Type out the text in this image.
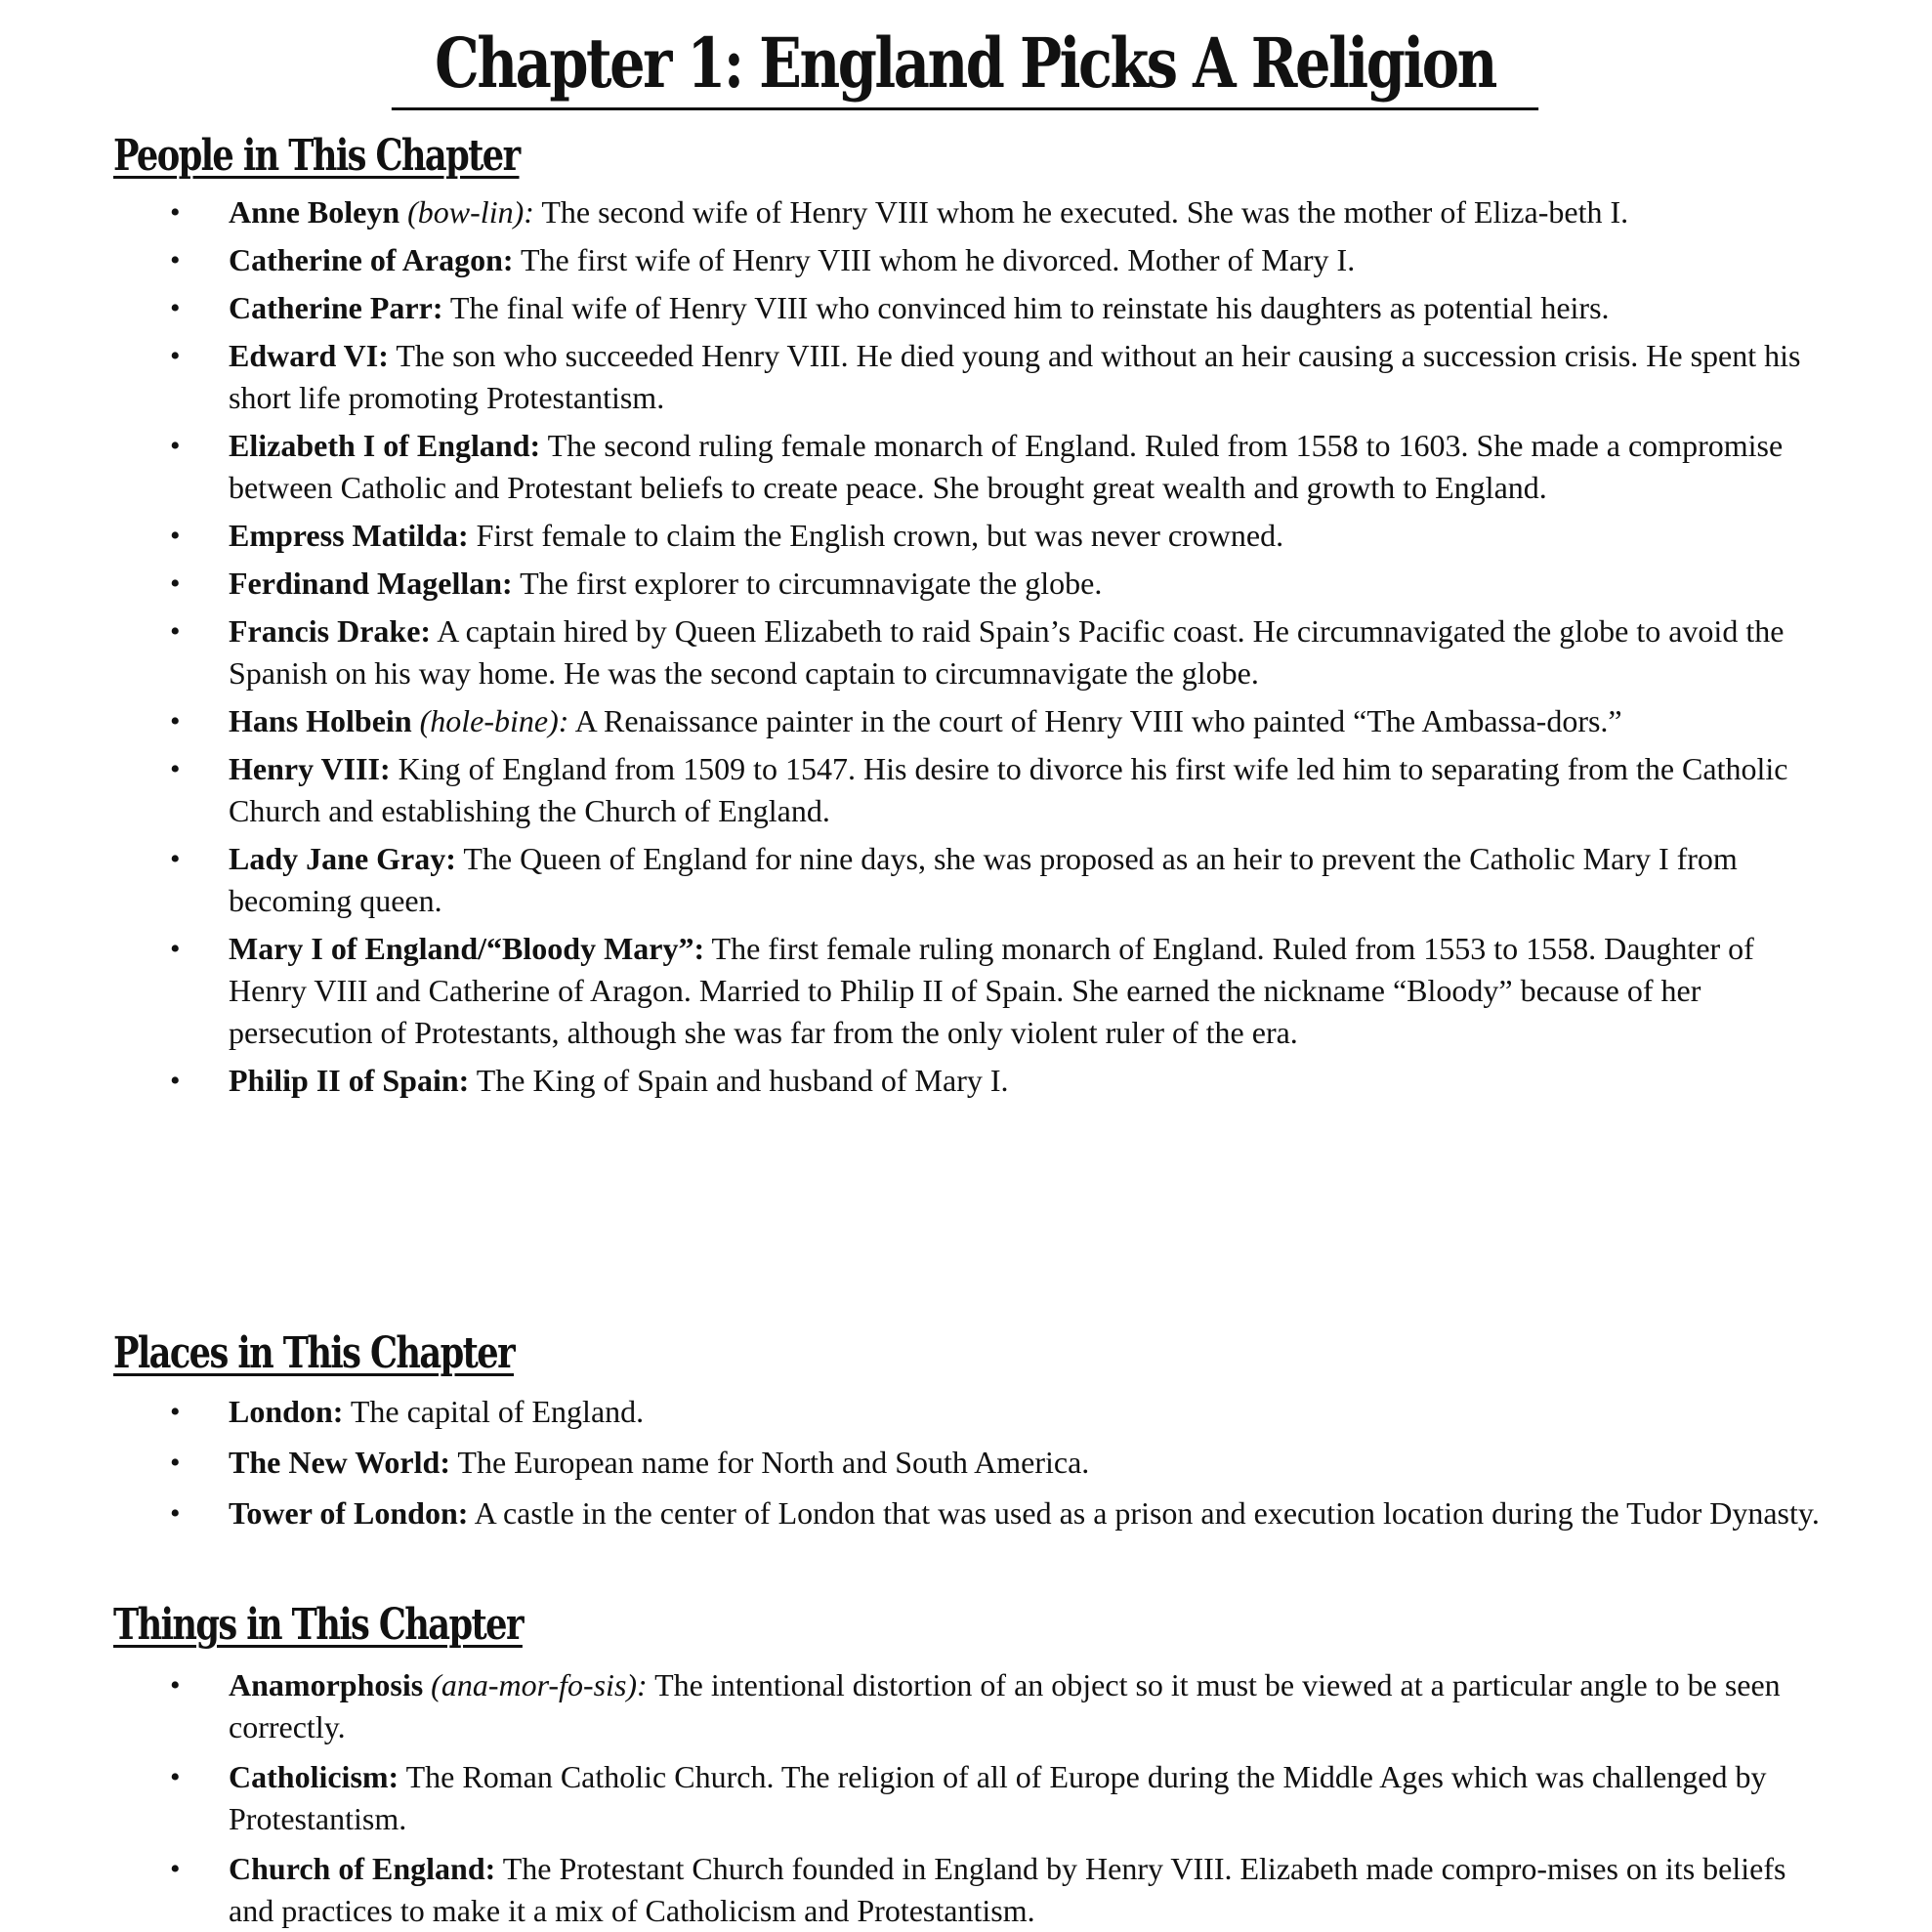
Chapter 1: England Picks A Religion
People in This Chapter
• Anne Boleyn (bow-lin): The second wife of Henry VIII whom he executed. She was the mother of Eliza-beth I.
• Catherine of Aragon: The first wife of Henry VIII whom he divorced. Mother of Mary I.
• Catherine Parr: The final wife of Henry VIII who convinced him to reinstate his daughters as potential heirs.
• Edward VI: The son who succeeded Henry VIII. He died young and without an heir causing a succession crisis. He spent his short life promoting Protestantism.
• Elizabeth I of England: The second ruling female monarch of England. Ruled from 1558 to 1603. She made a compromise between Catholic and Protestant beliefs to create peace. She brought great wealth and growth to England.
• Empress Matilda: First female to claim the English crown, but was never crowned.
• Ferdinand Magellan: The first explorer to circumnavigate the globe.
• Francis Drake: A captain hired by Queen Elizabeth to raid Spain’s Pacific coast. He circumnavigated the globe to avoid the Spanish on his way home. He was the second captain to circumnavigate the globe.
• Hans Holbein (hole-bine): A Renaissance painter in the court of Henry VIII who painted “The Ambassa-dors.”
• Henry VIII: King of England from 1509 to 1547. His desire to divorce his first wife led him to separating from the Catholic Church and establishing the Church of England.
• Lady Jane Gray: The Queen of England for nine days, she was proposed as an heir to prevent the Catholic Mary I from becoming queen.
• Mary I of England/“Bloody Mary”: The first female ruling monarch of England. Ruled from 1553 to 1558. Daughter of Henry VIII and Catherine of Aragon. Married to Philip II of Spain. She earned the nickname “Bloody” because of her persecution of Protestants, although she was far from the only violent ruler of the era.
• Philip II of Spain: The King of Spain and husband of Mary I.
Places in This Chapter
• London: The capital of England.
• The New World: The European name for North and South America.
• Tower of London: A castle in the center of London that was used as a prison and execution location during the Tudor Dynasty.
Things in This Chapter
• Anamorphosis (ana-mor-fo-sis): The intentional distortion of an object so it must be viewed at a particular angle to be seen correctly.
• Catholicism: The Roman Catholic Church. The religion of all of Europe during the Middle Ages which was challenged by Protestantism.
• Church of England: The Protestant Church founded in England by Henry VIII. Elizabeth made compro-mises on its beliefs and practices to make it a mix of Catholicism and Protestantism.
